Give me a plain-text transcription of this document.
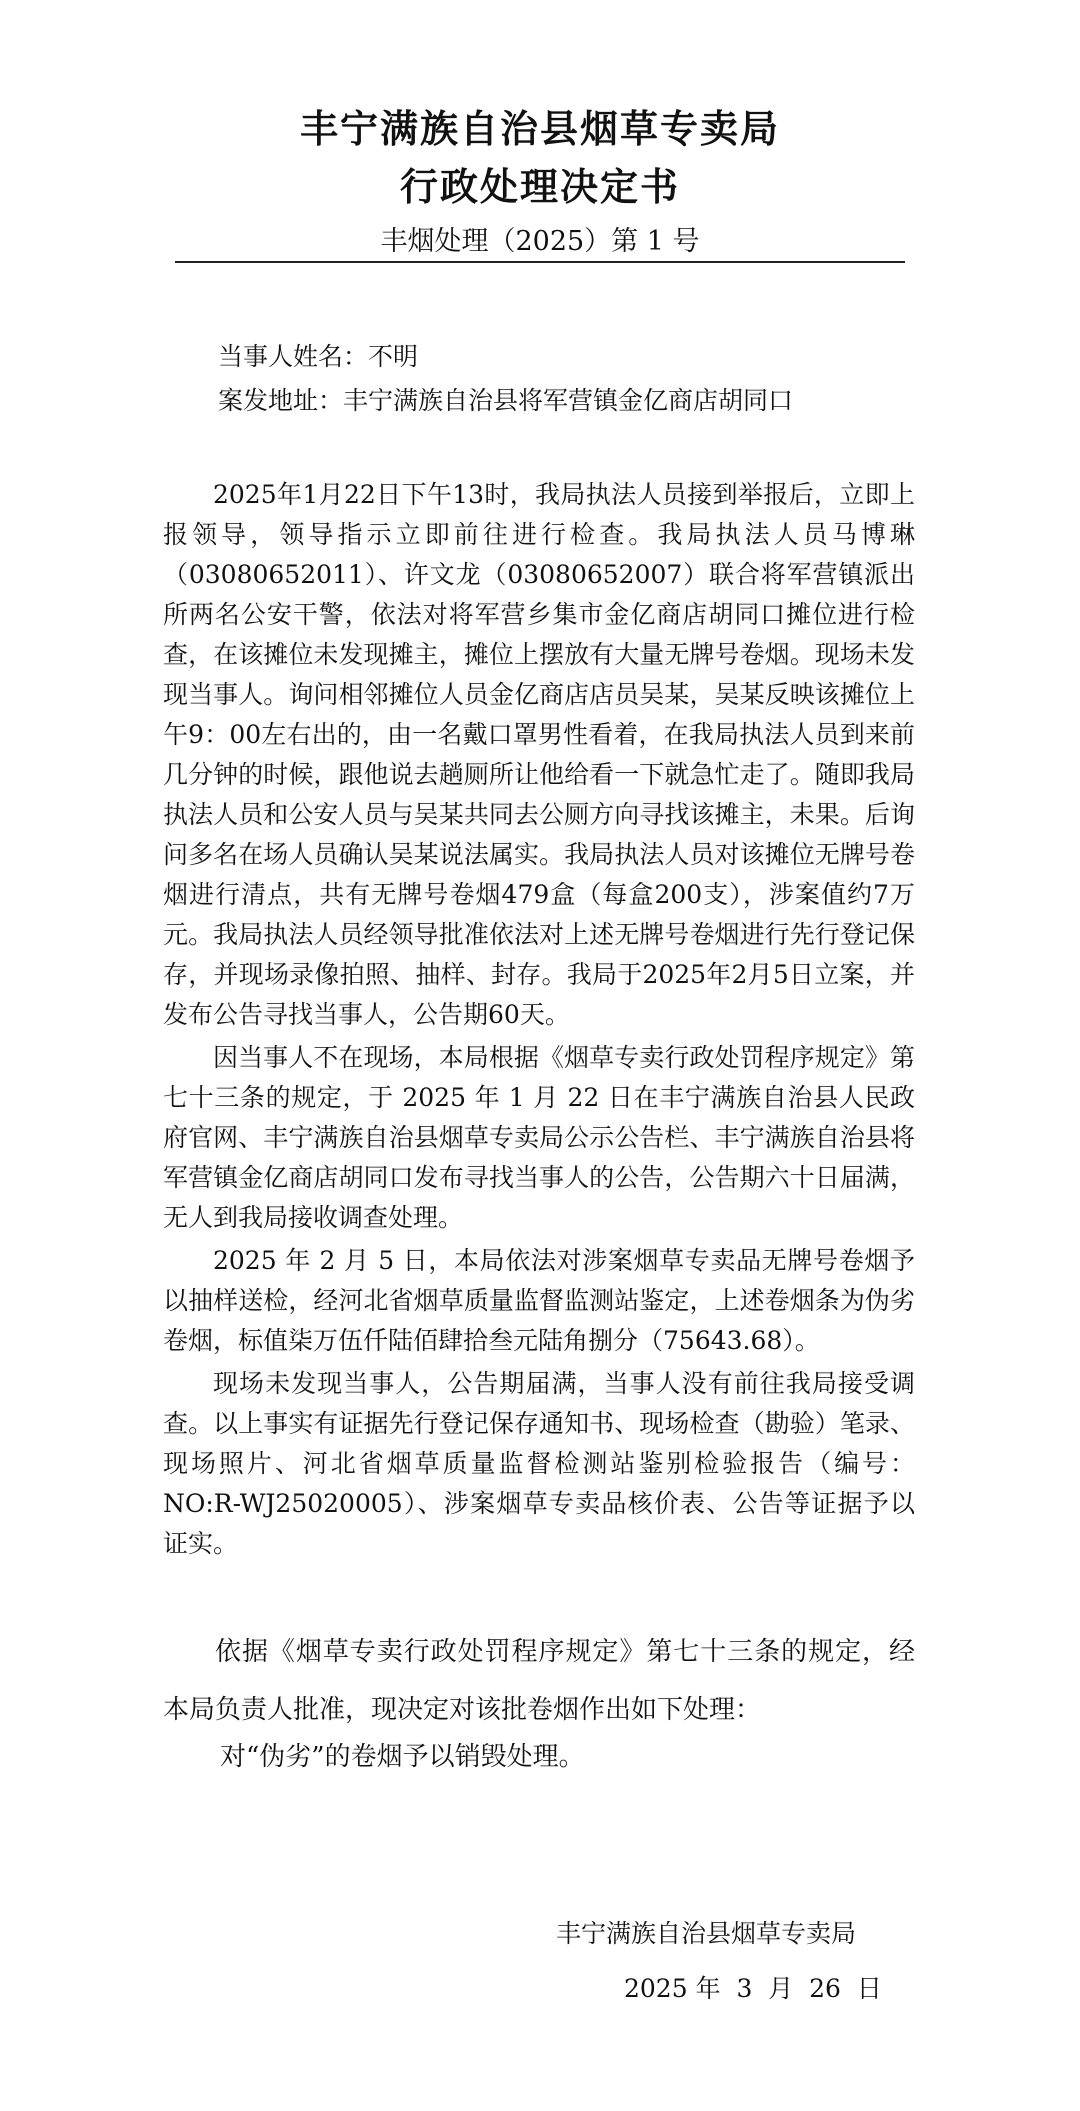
丰宁满族自治县烟草专卖局
行政处理决定书
丰烟处理（2025）第 1 号
当事人姓名：不明
案发地址：丰宁满族自治县将军营镇金亿商店胡同口

2025年1月22日下午13时，我局执法人员接到举报后，立即上报领导，领导指示立即前往进行检查。我局执法人员马博琳（03080652011）、许文龙（03080652007）联合将军营镇派出所两名公安干警，依法对将军营乡集市金亿商店胡同口摊位进行检查，在该摊位未发现摊主，摊位上摆放有大量无牌号卷烟。现场未发现当事人。询问相邻摊位人员金亿商店店员吴某，吴某反映该摊位上午9：00左右出的，由一名戴口罩男性看着，在我局执法人员到来前几分钟的时候，跟他说去趟厕所让他给看一下就急忙走了。随即我局执法人员和公安人员与吴某共同去公厕方向寻找该摊主，未果。后询问多名在场人员确认吴某说法属实。我局执法人员对该摊位无牌号卷烟进行清点，共有无牌号卷烟479盒（每盒200支），涉案值约7万元。我局执法人员经领导批准依法对上述无牌号卷烟进行先行登记保存，并现场录像拍照、抽样、封存。我局于2025年2月5日立案，并发布公告寻找当事人，公告期60天。

因当事人不在现场，本局根据《烟草专卖行政处罚程序规定》第七十三条的规定，于 2025 年 1 月 22 日在丰宁满族自治县人民政府官网、丰宁满族自治县烟草专卖局公示公告栏、丰宁满族自治县将军营镇金亿商店胡同口发布寻找当事人的公告，公告期六十日届满，无人到我局接收调查处理。

2025 年 2 月 5 日，本局依法对涉案烟草专卖品无牌号卷烟予以抽样送检，经河北省烟草质量监督监测站鉴定，上述卷烟条为伪劣卷烟，标值柒万伍仟陆佰肆拾叁元陆角捌分（75643.68）。

现场未发现当事人，公告期届满，当事人没有前往我局接受调查。以上事实有证据先行登记保存通知书、现场检查（勘验）笔录、现场照片、河北省烟草质量监督检测站鉴别检验报告（编号：NO:R-WJ25020005）、涉案烟草专卖品核价表、公告等证据予以证实。

依据《烟草专卖行政处罚程序规定》第七十三条的规定，经本局负责人批准，现决定对该批卷烟作出如下处理：
对“伪劣”的卷烟予以销毁处理。
丰宁满族自治县烟草专卖局
2025 年  3  月  26  日
